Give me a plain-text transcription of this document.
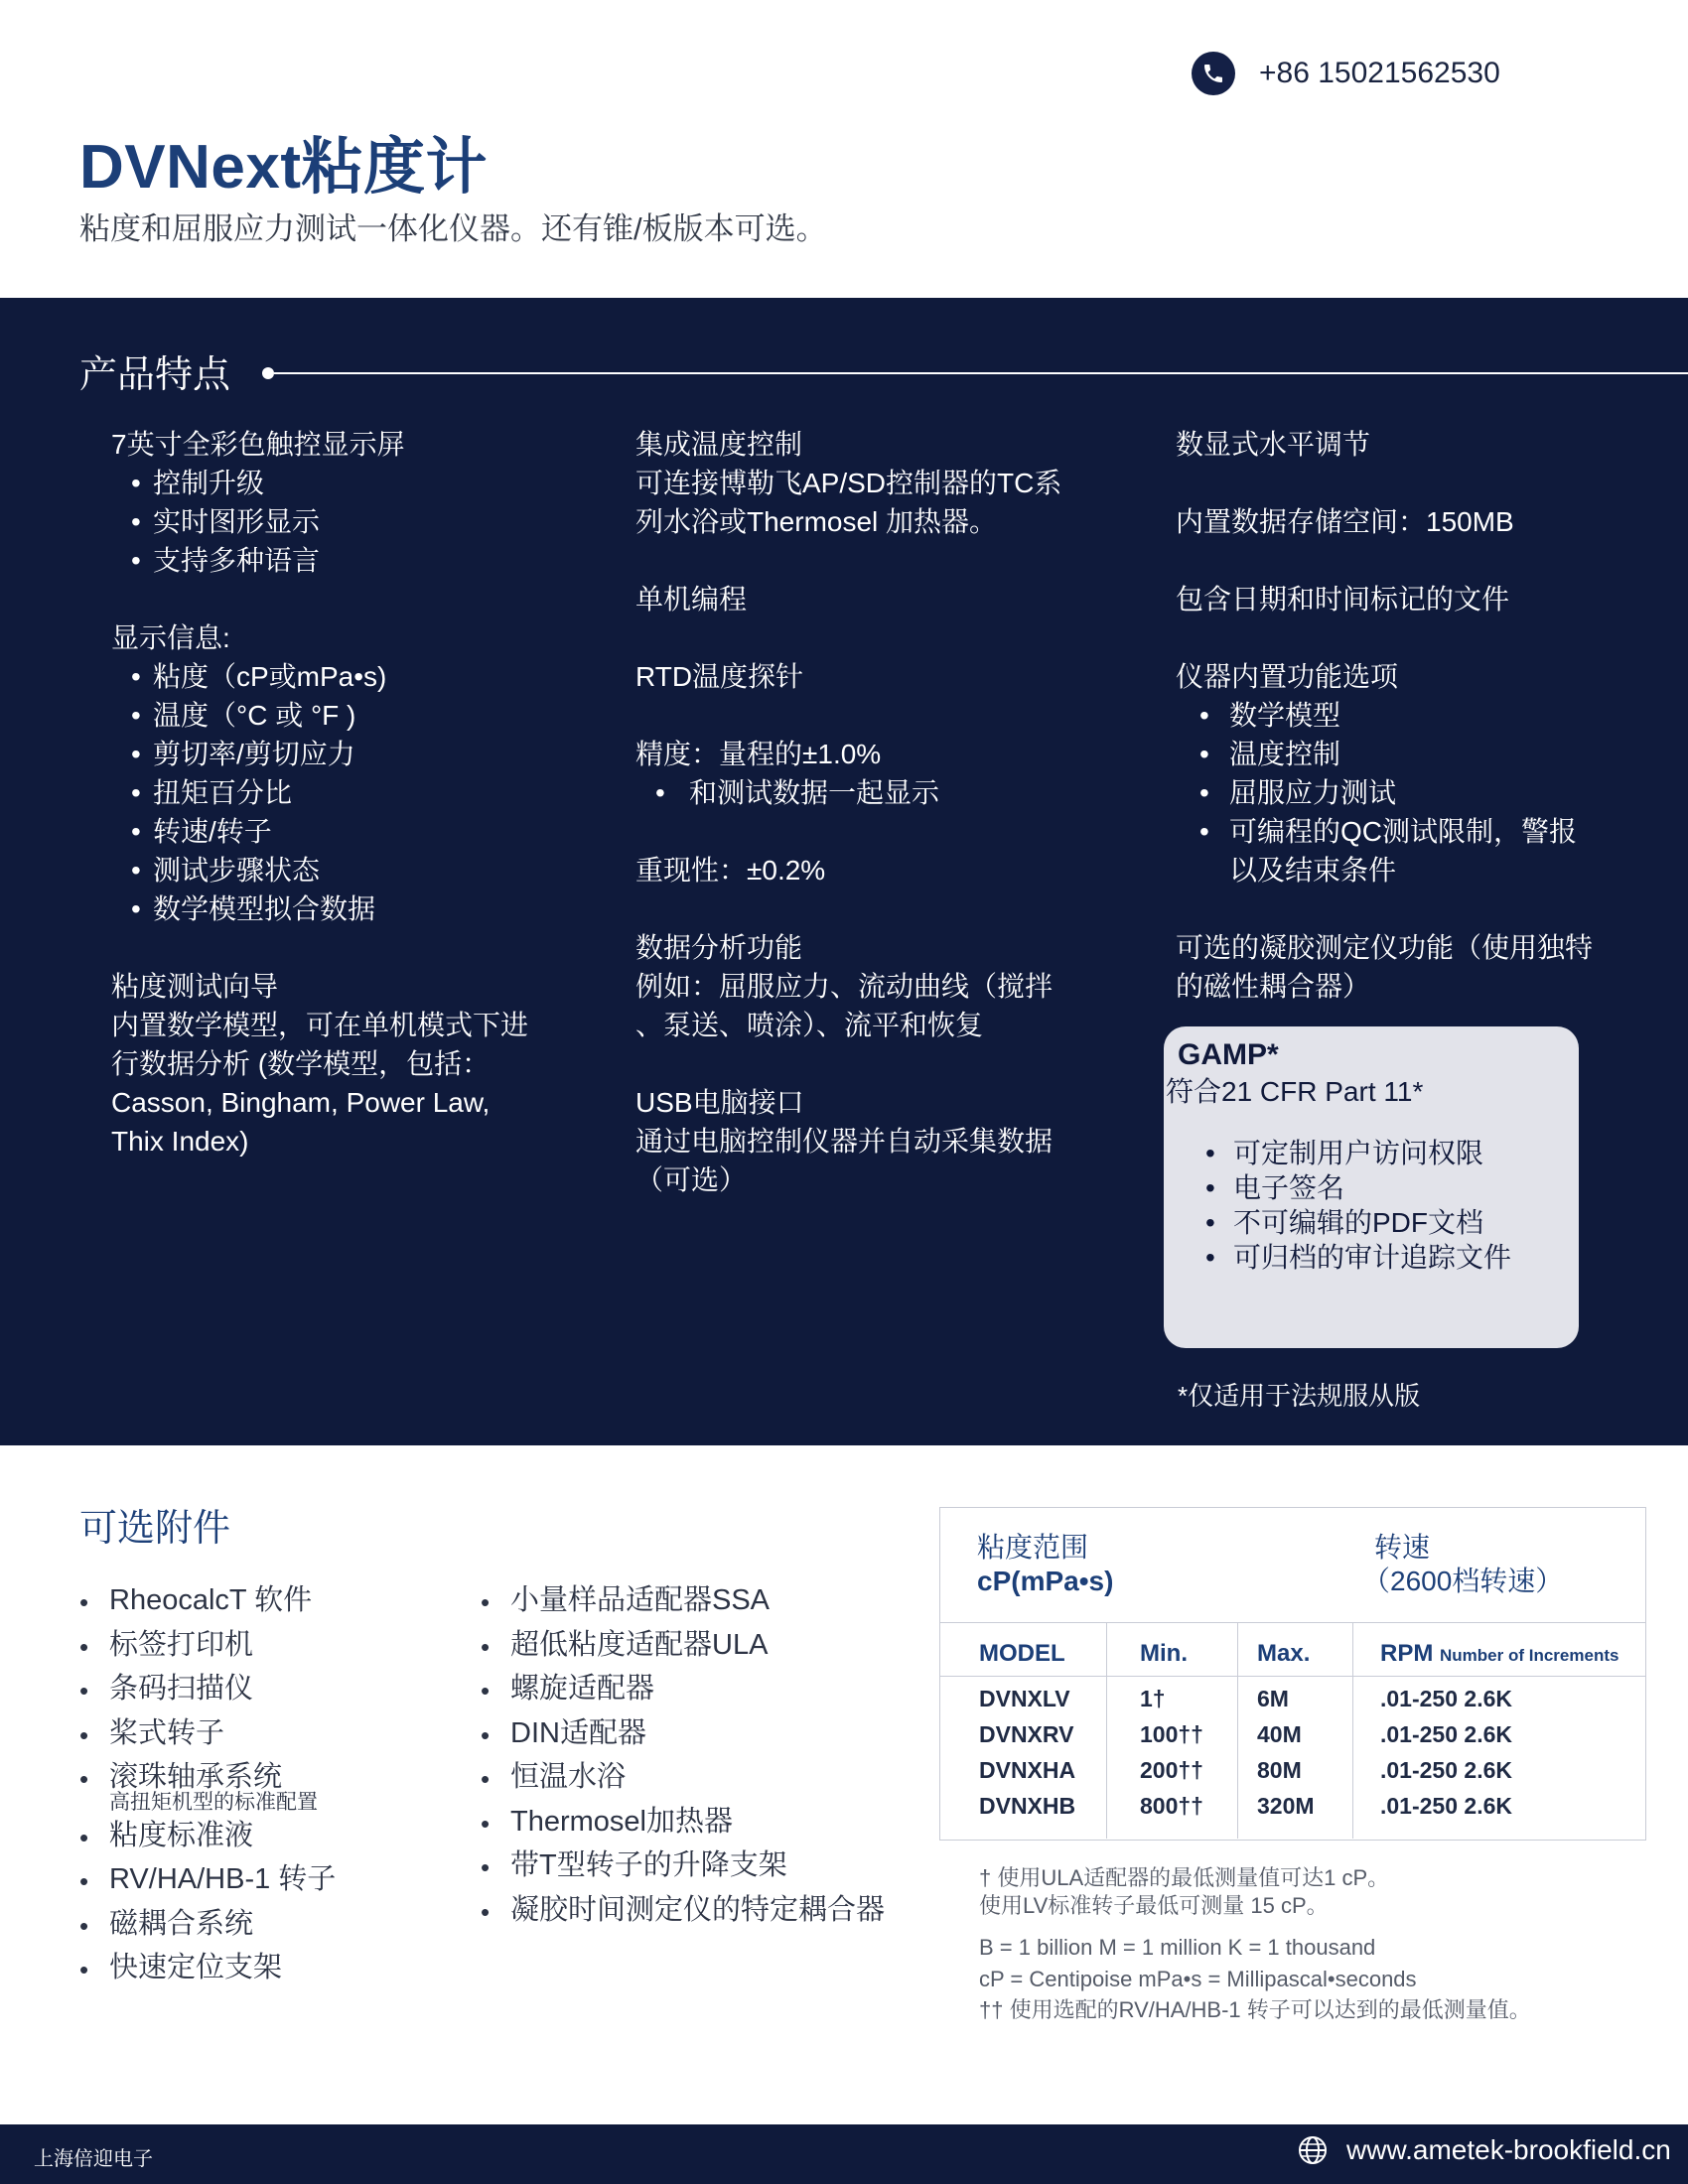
+86 15021562530
DVNext粘度计
粘度和屈服应力测试一体化仪器。还有锥/板版本可选。
产品特点

7英寸全彩色触控显示屏

• 控制升级
• 实时图形显示
• 支持多种语言

显示信息:

• 粘度（cP或mPa•s)
• 温度（°C 或 °F )
• 剪切率/剪切应力
• 扭矩百分比
• 转速/转子
• 测试步骤状态
• 数学模型拟合数据

粘度测试向导

内置数学模型，可在单机模式下进

行数据分析 (数学模型，包括：

Casson, Bingham, Power Law,

Thix Index)

集成温度控制

可连接博勒飞AP/SD控制器的TC系

列水浴或Thermosel 加热器。

单机编程

RTD温度探针

精度：量程的±1.0%

• 和测试数据一起显示

重现性：±0.2%

数据分析功能

例如：屈服应力、流动曲线（搅拌

、泵送、喷涂）、流平和恢复

USB电脑接口

通过电脑控制仪器并自动采集数据

（可选）

数显式水平调节

内置数据存储空间：150MB

包含日期和时间标记的文件

仪器内置功能选项

• 数学模型
• 温度控制
• 屈服应力测试
• 可编程的QC测试限制，警报以及结束条件

可选的凝胶测定仪功能（使用独特

的磁性耦合器）

GAMP*
符合21 CFR Part 11*
• 可定制用户访问权限
• 电子签名
• 不可编辑的PDF文档
• 可归档的审计追踪文件
*仅适用于法规服从版
可选附件
• RheocalcT 软件
• 标签打印机
• 条码扫描仪
• 桨式转子
• 滚珠轴承系统
高扭矩机型的标准配置
• 粘度标准液
• RV/HA/HB-1 转子
• 磁耦合系统
• 快速定位支架
• 小量样品适配器SSA
• 超低粘度适配器ULA
• 螺旋适配器
• DIN适配器
• 恒温水浴
• Thermosel加热器
• 带T型转子的升降支架
• 凝胶时间测定仪的特定耦合器
粘度范围
cP(mPa•s)
转速
（2600档转速）
MODEL	Min.	Max.	RPM Number of Increments
DVNXLV	1†	6M	.01-250 2.6K
DVNXRV	100†† 40M	.01-250 2.6K
DVNXHA	200†† 80M	.01-250 2.6K
DVNXHB	800†† 320M	.01-250 2.6K
† 使用ULA适配器的最低测量值可达1 cP。
使用LV标准转子最低可测量 15 cP。
B = 1 billion M = 1 million K = 1 thousand
cP = Centipoise mPa•s = Millipascal•seconds
†† 使用选配的RV/HA/HB-1 转子可以达到的最低测量值。
上海倍迎电子	www.ametek-brookfield.cn
